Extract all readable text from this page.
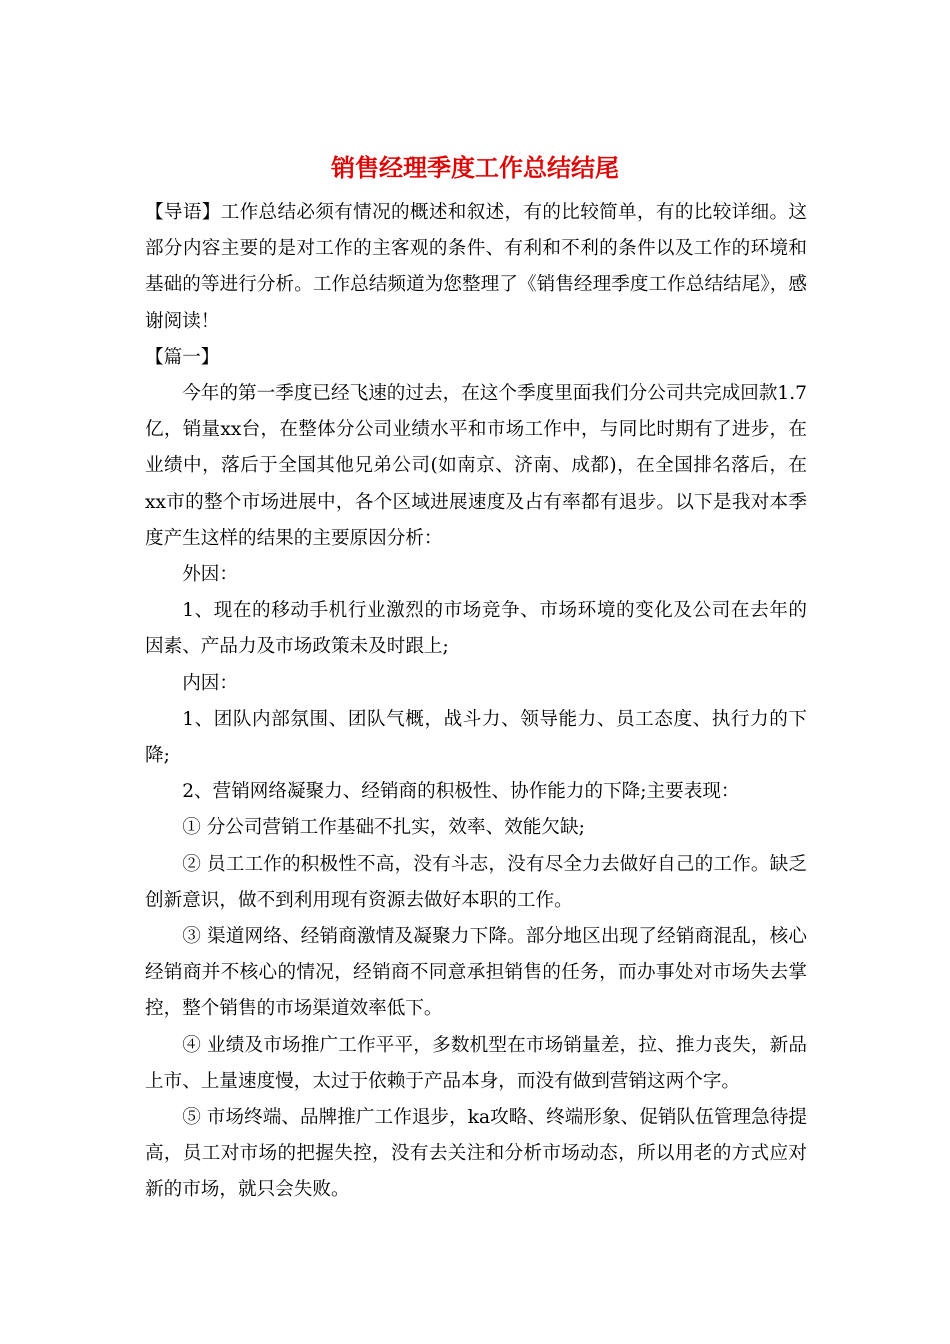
销售经理季度工作总结结尾

【导语】工作总结必须有情况的概述和叙述，有的比较简单，有的比较详细。这部分内容主要的是对工作的主客观的条件、有利和不利的条件以及工作的环境和基础的等进行分析。工作总结频道为您整理了《销售经理季度工作总结结尾》，感谢阅读！

【篇一】

今年的第一季度已经飞速的过去，在这个季度里面我们分公司共完成回款1.7亿，销量xx台，在整体分公司业绩水平和市场工作中，与同比时期有了进步，在业绩中，落后于全国其他兄弟公司(如南京、济南、成都)，在全国排名落后，在xx市的整个市场进展中，各个区域进展速度及占有率都有退步。以下是我对本季度产生这样的结果的主要原因分析：

外因：

1、现在的移动手机行业激烈的市场竞争、市场环境的变化及公司在去年的因素、产品力及市场政策未及时跟上;

内因：

1、团队内部氛围、团队气概，战斗力、领导能力、员工态度、执行力的下降;

2、营销网络凝聚力、经销商的积极性、协作能力的下降;主要表现：

① 分公司营销工作基础不扎实，效率、效能欠缺;

② 员工工作的积极性不高，没有斗志，没有尽全力去做好自己的工作。缺乏创新意识，做不到利用现有资源去做好本职的工作。

③ 渠道网络、经销商激情及凝聚力下降。部分地区出现了经销商混乱，核心经销商并不核心的情况，经销商不同意承担销售的任务，而办事处对市场失去掌控，整个销售的市场渠道效率低下。

④ 业绩及市场推广工作平平，多数机型在市场销量差，拉、推力丧失，新品上市、上量速度慢，太过于依赖于产品本身，而没有做到营销这两个字。

⑤ 市场终端、品牌推广工作退步，ka攻略、终端形象、促销队伍管理急待提高，员工对市场的把握失控，没有去关注和分析市场动态，所以用老的方式应对新的市场，就只会失败。
